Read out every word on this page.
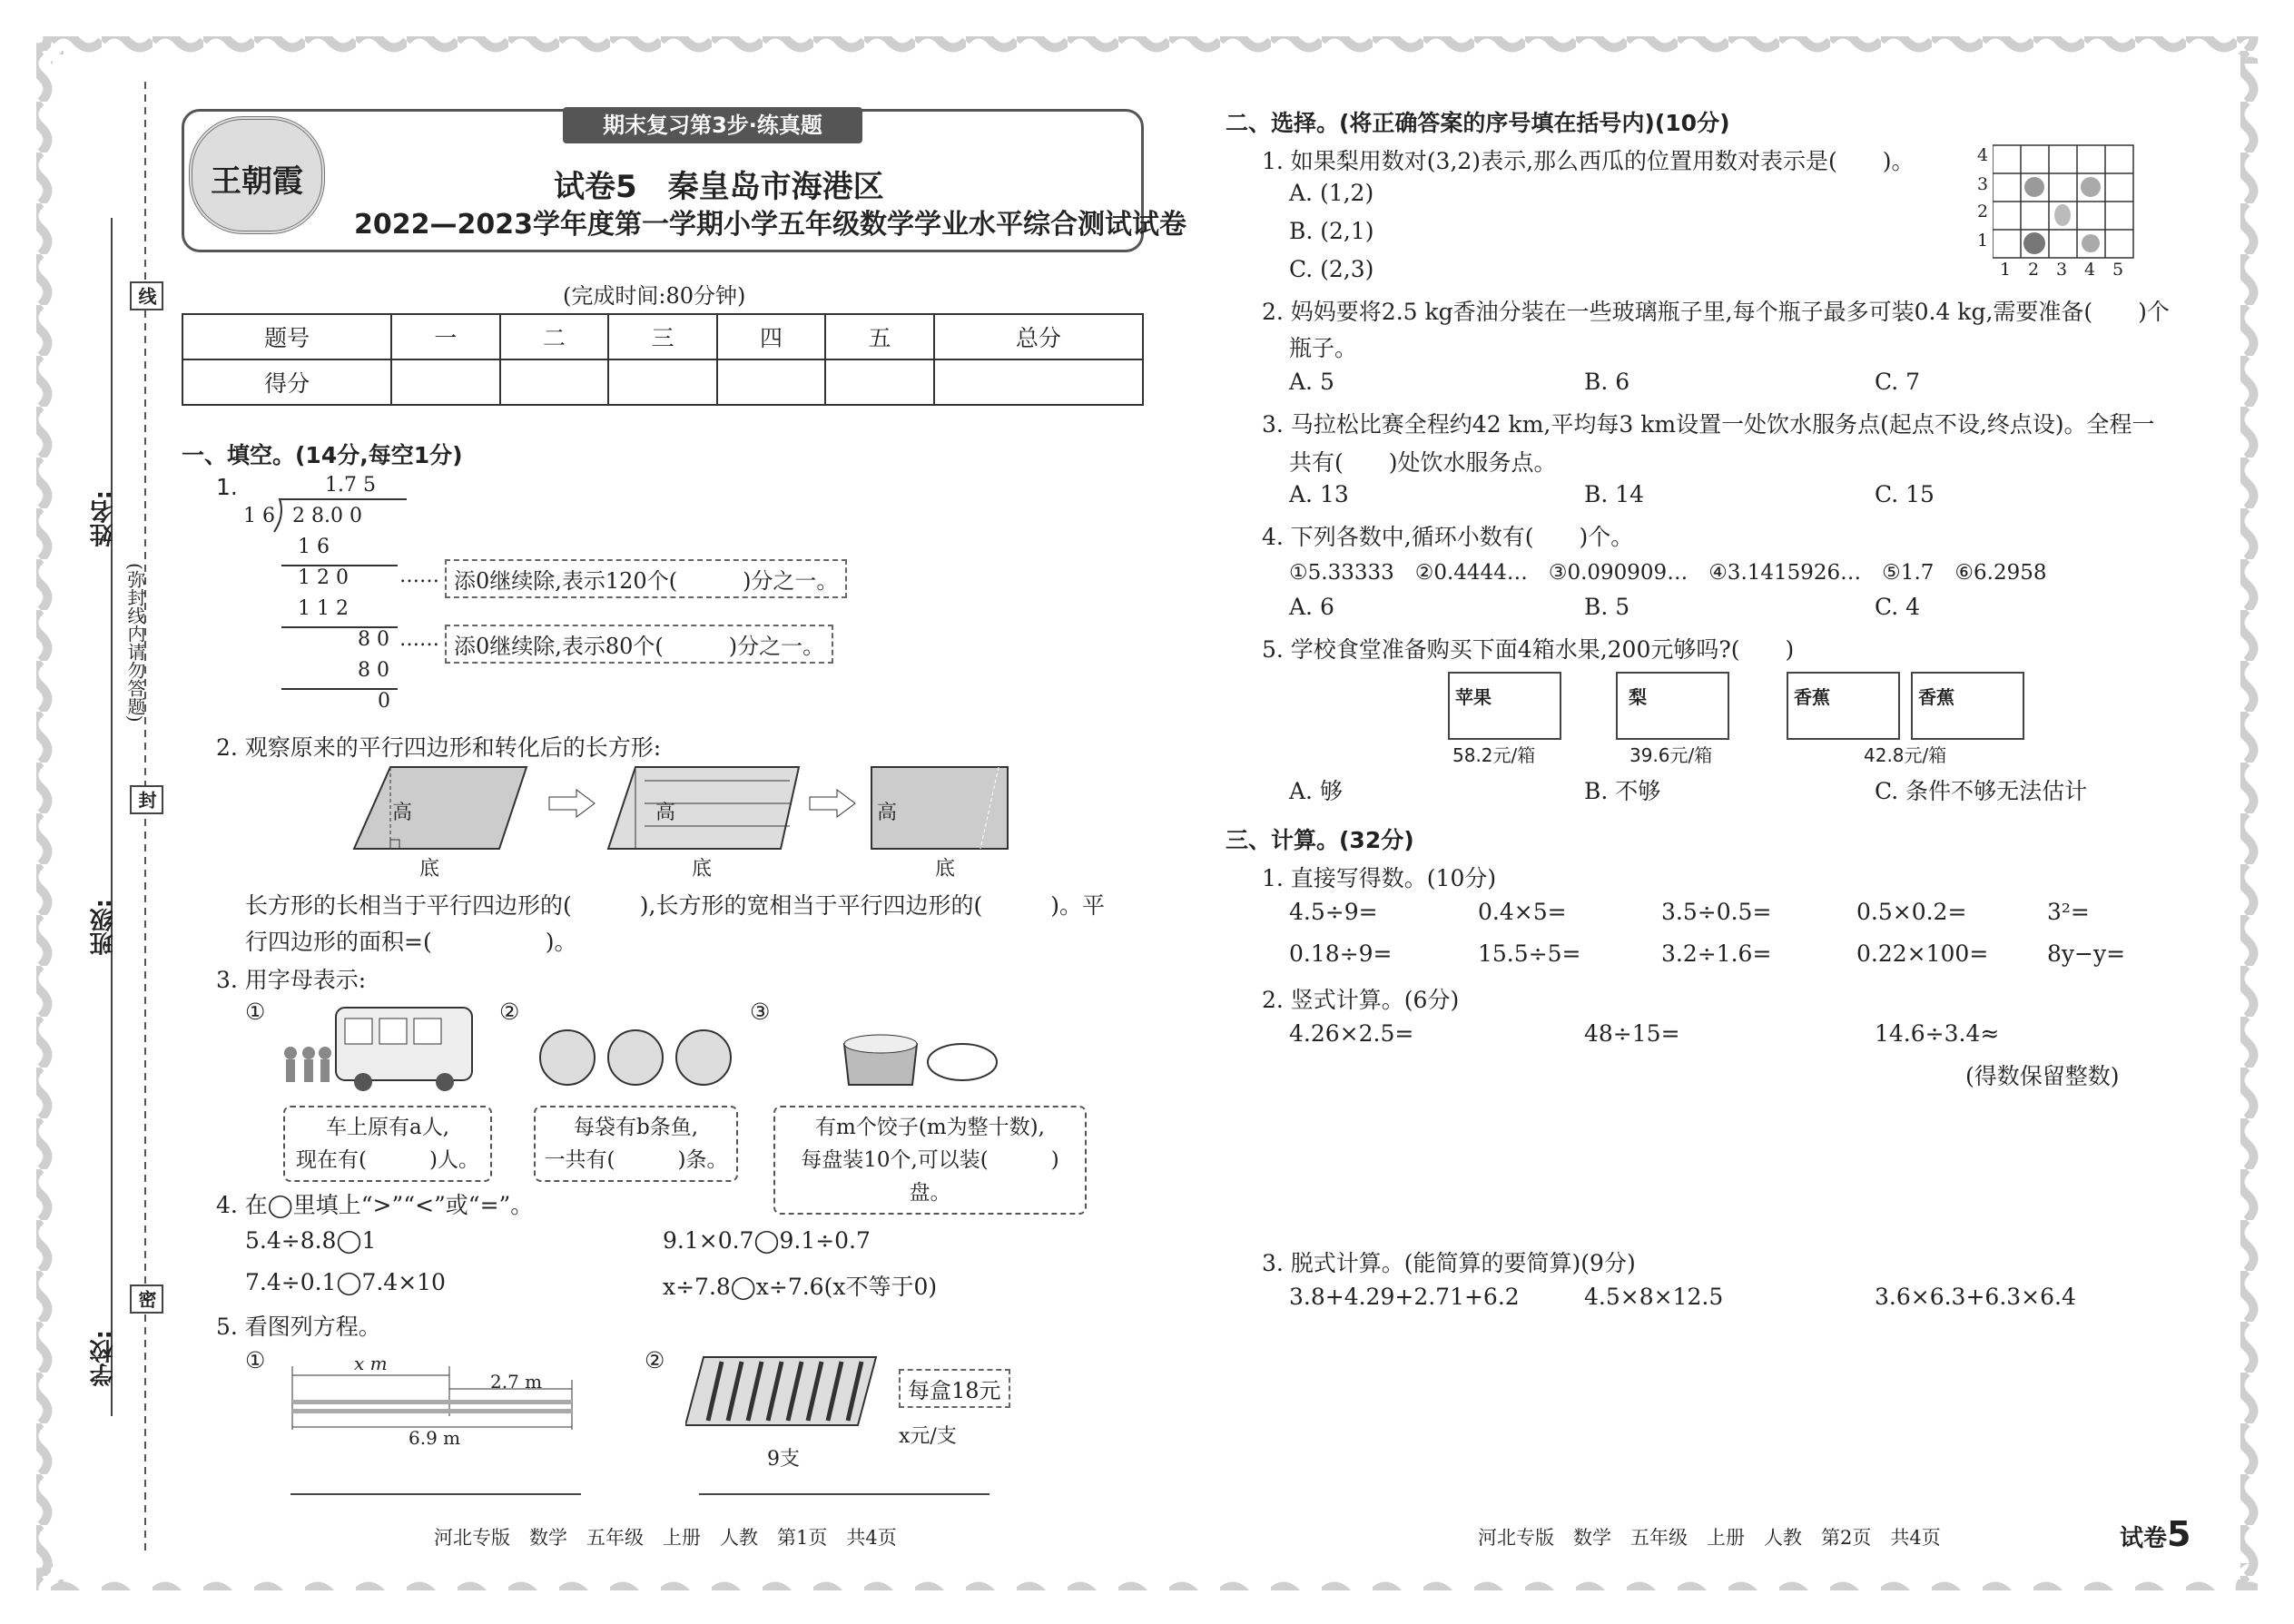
线
封
密
(弥封线内请勿答题)
姓名:
班级:
学校:
期末复习第3步·练真题
王朝霞	试卷5　秦皇岛市海港区
2022—2023学年度第一学期小学五年级数学学业水平综合测试试卷
(完成时间:80分钟)
题号	一	二	三	四	五	总分
得分						
一、填空。(14分,每空1分)
1.	1.7 5
1 6 2 8.0 0
1 6
1 2 0
1 1 2
8 0
8 0
0
…… 添0继续除,表示120个(　　　)分之一。
…… 添0继续除,表示80个(　　　)分之一。
2. 观察原来的平行四边形和转化后的长方形:
高	高	高
底	底	底
长方形的长相当于平行四边形的(　　　),长方形的宽相当于平行四边形的(　　　)。平
行四边形的面积=(　　　　　)。
3. 用字母表示:
①	②	③
车上原有a人,
现在有(　　　)人。
每袋有b条鱼,
一共有(　　　)条。
有m个饺子(m为整十数),
每盘装10个,可以装(　　　)盘。
4. 在◯里填上“>”“<”或“=”。
5.4÷8.8◯1	9.1×0.7◯9.1÷0.7
7.4÷0.1◯7.4×10	x÷7.8◯x÷7.6(x不等于0)
5. 看图列方程。
①	②
x m
2.7 m
6.9 m
每盒18元
x元/支
9支
河北专版　数学　五年级　上册　人教　第1页　共4页
二、选择。(将正确答案的序号填在括号内)(10分)
1. 如果梨用数对(3,2)表示,那么西瓜的位置用数对表示是(　　)。
A. (1,2)
B. (2,1)
C. (2,3)
4
3
2
1
1 2 3 4 5
2. 妈妈要将2.5 kg香油分装在一些玻璃瓶子里,每个瓶子最多可装0.4 kg,需要准备(　　)个
瓶子。
A. 5	B. 6	C. 7
3. 马拉松比赛全程约42 km,平均每3 km设置一处饮水服务点(起点不设,终点设)。全程一
共有(　　)处饮水服务点。
A. 13	B. 14	C. 15
4. 下列各数中,循环小数有(　　)个。
①5.33333　②0.4444…　③0.090909…　④3.1415926…　⑤1.7　⑥6.2958
A. 6	B. 5	C. 4
5. 学校食堂准备购买下面4箱水果,200元够吗?(　　)
苹果	梨	香蕉	香蕉
58.2元/箱	39.6元/箱	42.8元/箱
A. 够	B. 不够	C. 条件不够无法估计
三、计算。(32分)
1. 直接写得数。(10分)
4.5÷9=	0.4×5=	3.5÷0.5=	0.5×0.2=	3²=
0.18÷9=	15.5÷5=	3.2÷1.6=	0.22×100=	8y−y=
2. 竖式计算。(6分)
4.26×2.5=	48÷15=	14.6÷3.4≈
(得数保留整数)
3. 脱式计算。(能简算的要简算)(9分)
3.8+4.29+2.71+6.2	4.5×8×12.5	3.6×6.3+6.3×6.4
河北专版　数学　五年级　上册　人教　第2页　共4页	试卷5
